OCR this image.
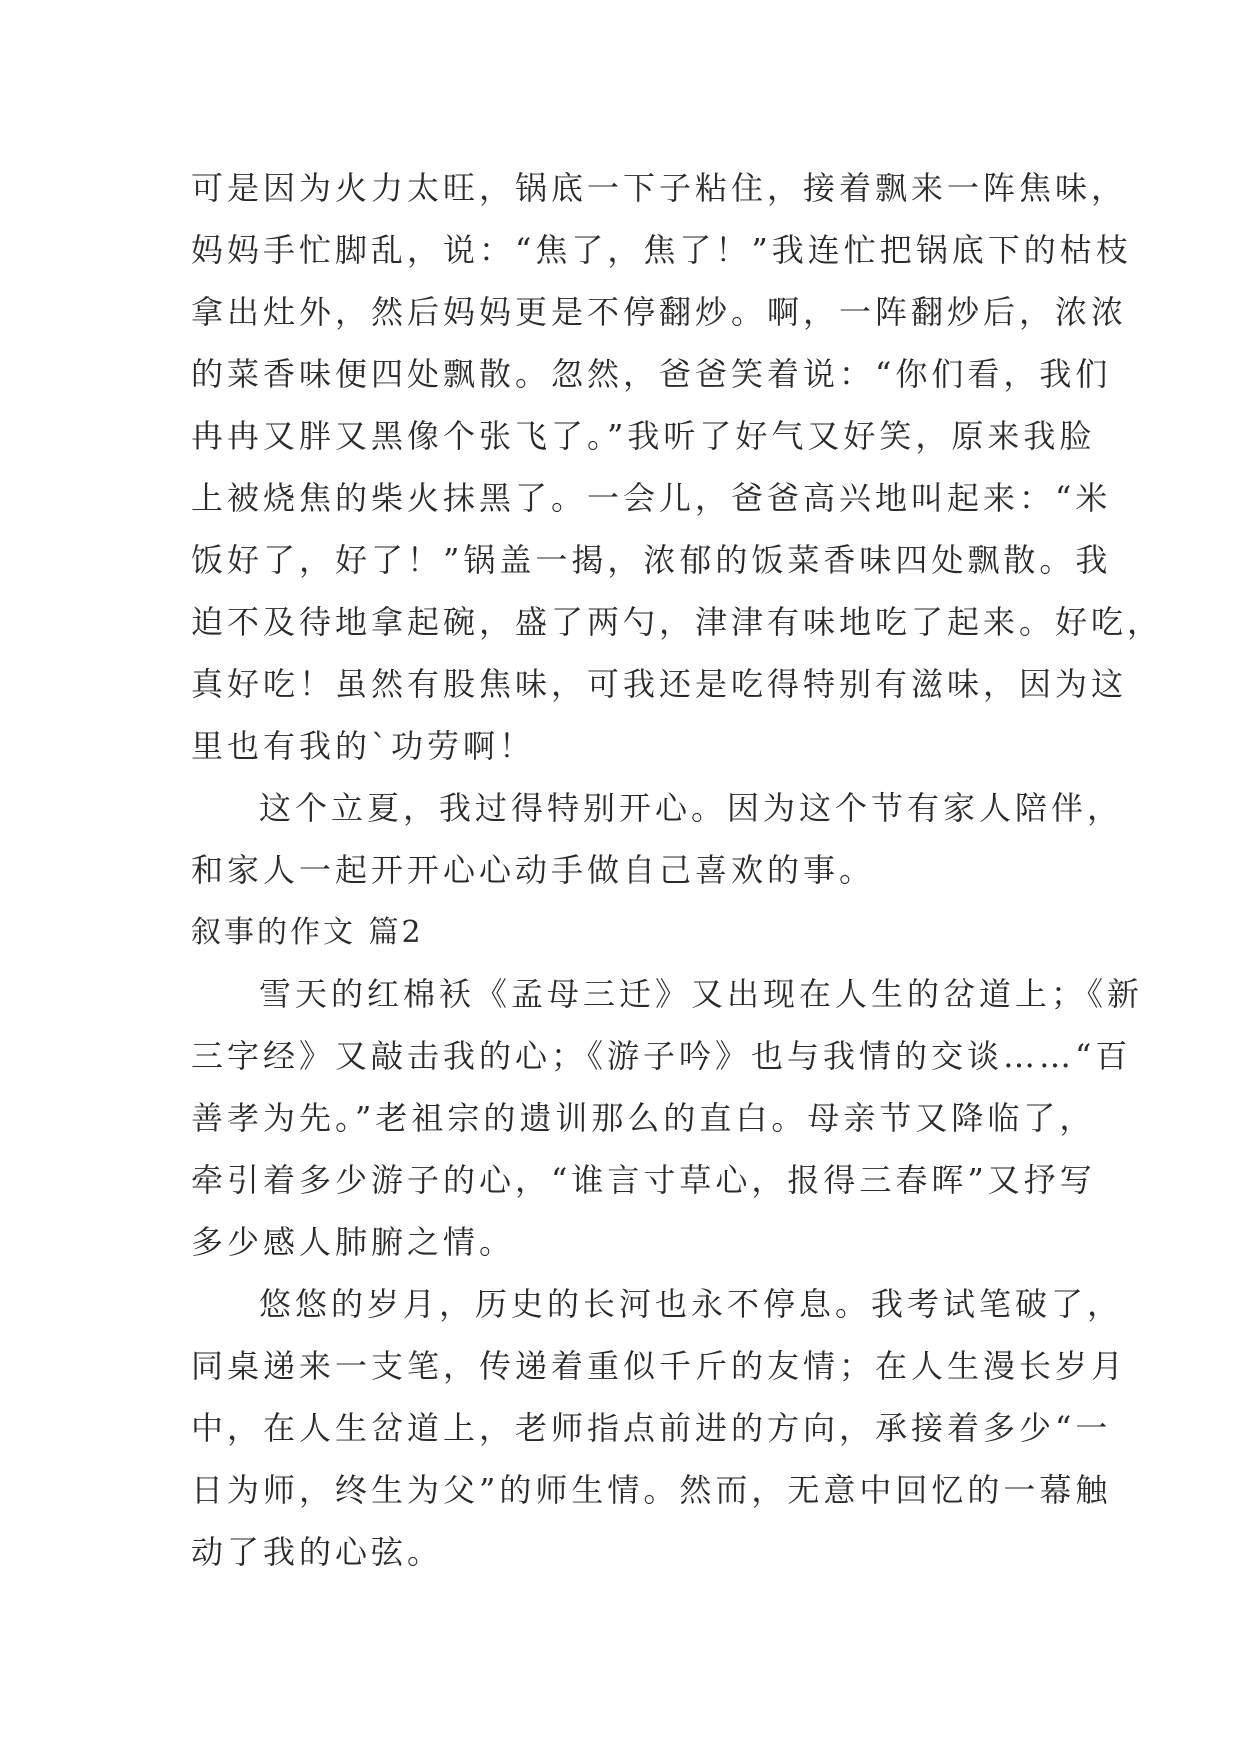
可是因为火力太旺，锅底一下子粘住，接着飘来一阵焦味，
妈妈手忙脚乱，说：“焦了，焦了！”我连忙把锅底下的枯枝
拿出灶外，然后妈妈更是不停翻炒。啊，一阵翻炒后，浓浓
的菜香味便四处飘散。忽然，爸爸笑着说：“你们看，我们
冉冉又胖又黑像个张飞了。”我听了好气又好笑，原来我脸
上被烧焦的柴火抹黑了。一会儿，爸爸高兴地叫起来：“米
饭好了，好了！”锅盖一揭，浓郁的饭菜香味四处飘散。我
迫不及待地拿起碗，盛了两勺，津津有味地吃了起来。好吃，
真好吃！虽然有股焦味，可我还是吃得特别有滋味，因为这
里也有我的`功劳啊！
这个立夏，我过得特别开心。因为这个节有家人陪伴，
和家人一起开开心心动手做自己喜欢的事。
叙事的作文 篇2
雪天的红棉袄《孟母三迁》又出现在人生的岔道上；《新
三字经》又敲击我的心；《游子吟》也与我情的交谈……“百
善孝为先。”老祖宗的遗训那么的直白。母亲节又降临了，
牵引着多少游子的心，“谁言寸草心，报得三春晖”又抒写
多少感人肺腑之情。
悠悠的岁月，历史的长河也永不停息。我考试笔破了，
同桌递来一支笔，传递着重似千斤的友情；在人生漫长岁月
中，在人生岔道上，老师指点前进的方向，承接着多少“一
日为师，终生为父”的师生情。然而，无意中回忆的一幕触
动了我的心弦。
